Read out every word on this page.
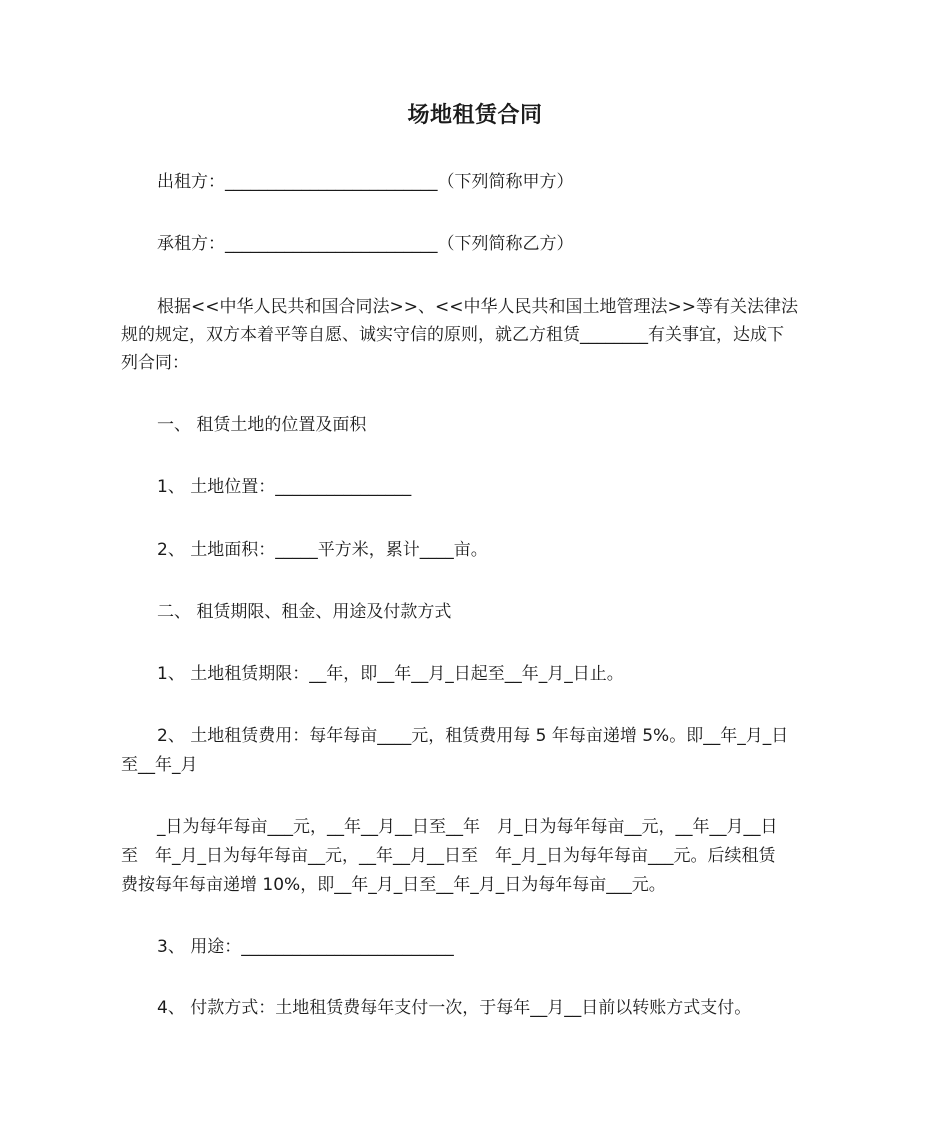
场地租赁合同
出租方：_________________________（下列简称甲方）
承租方：_________________________（下列简称乙方）
根据<<中华人民共和国合同法>>、<<中华人民共和国土地管理法>>等有关法律法
规的规定，双方本着平等自愿、诚实守信的原则，就乙方租赁________有关事宜，达成下
列合同：
一、 租赁土地的位置及面积
1、 土地位置：________________
2、 土地面积：_____平方米，累计____亩。
二、 租赁期限、租金、用途及付款方式
1、 土地租赁期限：__年，即__年__月_日起至__年_月_日止。
2、 土地租赁费用：每年每亩____元，租赁费用每 5 年每亩递增 5%。即__年_月_日
至__年_月
_日为每年每亩___元，__年__月__日至__年　月_日为每年每亩__元，__年__月__日
至　年_月_日为每年每亩__元，__年__月__日至　年_月_日为每年每亩___元。后续租赁
费按每年每亩递增 10%，即__年_月_日至__年_月_日为每年每亩___元。
3、 用途：_________________________
4、 付款方式：土地租赁费每年支付一次，于每年__月__日前以转账方式支付。
